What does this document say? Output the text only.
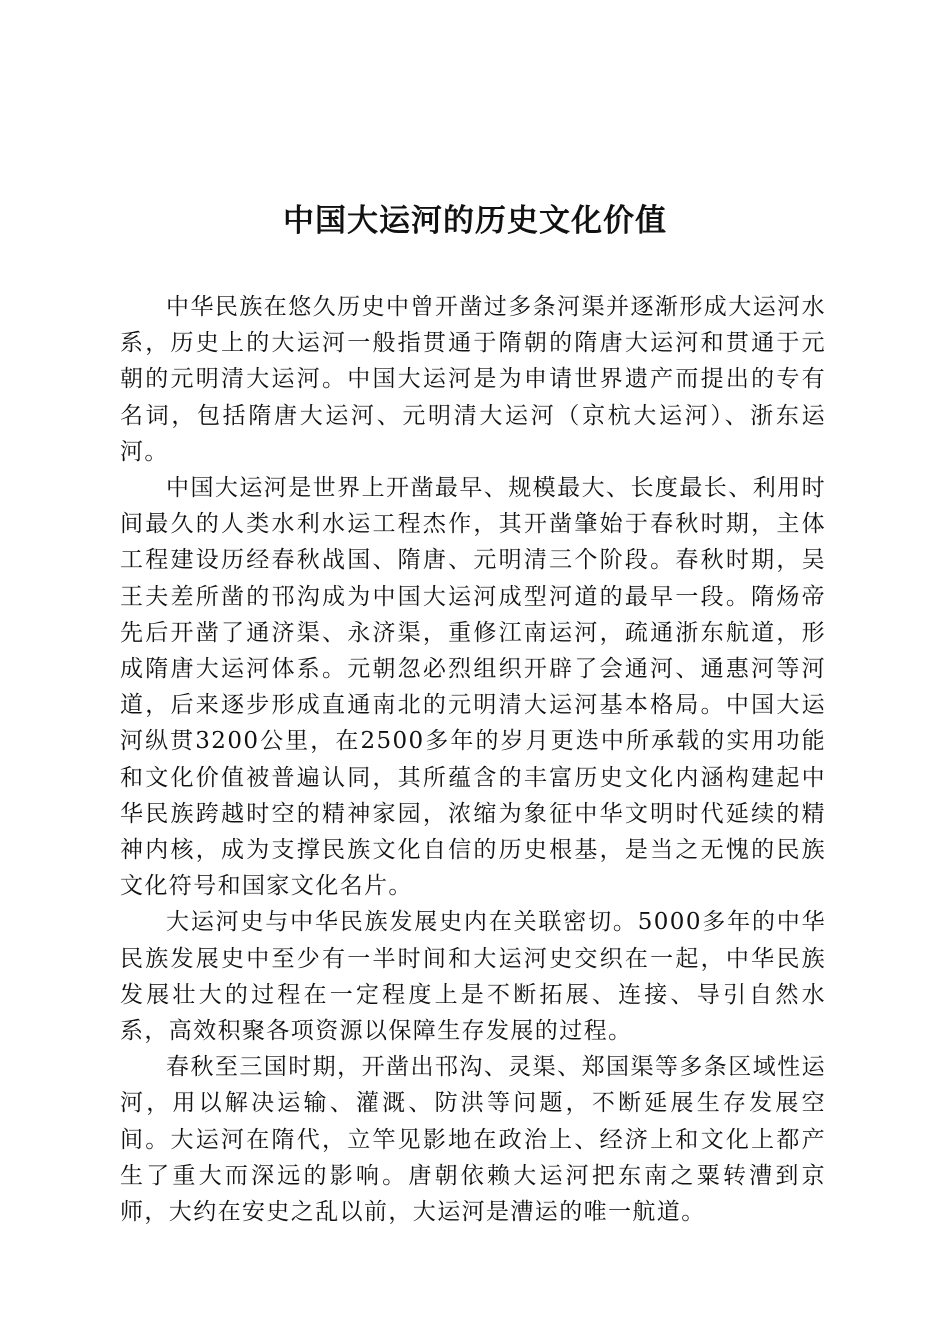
中国大运河的历史文化价值

中华民族在悠久历史中曾开凿过多条河渠并逐渐形成大运河水系，历史上的大运河一般指贯通于隋朝的隋唐大运河和贯通于元朝的元明清大运河。中国大运河是为申请世界遗产而提出的专有名词，包括隋唐大运河、元明清大运河（京杭大运河）、浙东运河。

中国大运河是世界上开凿最早、规模最大、长度最长、利用时间最久的人类水利水运工程杰作，其开凿肇始于春秋时期，主体工程建设历经春秋战国、隋唐、元明清三个阶段。春秋时期，吴王夫差所凿的邗沟成为中国大运河成型河道的最早一段。隋炀帝先后开凿了通济渠、永济渠，重修江南运河，疏通浙东航道，形成隋唐大运河体系。元朝忽必烈组织开辟了会通河、通惠河等河道，后来逐步形成直通南北的元明清大运河基本格局。中国大运河纵贯3200公里，在2500多年的岁月更迭中所承载的实用功能和文化价值被普遍认同，其所蕴含的丰富历史文化内涵构建起中华民族跨越时空的精神家园，浓缩为象征中华文明时代延续的精神内核，成为支撑民族文化自信的历史根基，是当之无愧的民族文化符号和国家文化名片。

大运河史与中华民族发展史内在关联密切。5000多年的中华民族发展史中至少有一半时间和大运河史交织在一起，中华民族发展壮大的过程在一定程度上是不断拓展、连接、导引自然水系，高效积聚各项资源以保障生存发展的过程。

春秋至三国时期，开凿出邗沟、灵渠、郑国渠等多条区域性运河，用以解决运输、灌溉、防洪等问题，不断延展生存发展空间。大运河在隋代，立竿见影地在政治上、经济上和文化上都产生了重大而深远的影响。唐朝依赖大运河把东南之粟转漕到京师，大约在安史之乱以前，大运河是漕运的唯一航道。
